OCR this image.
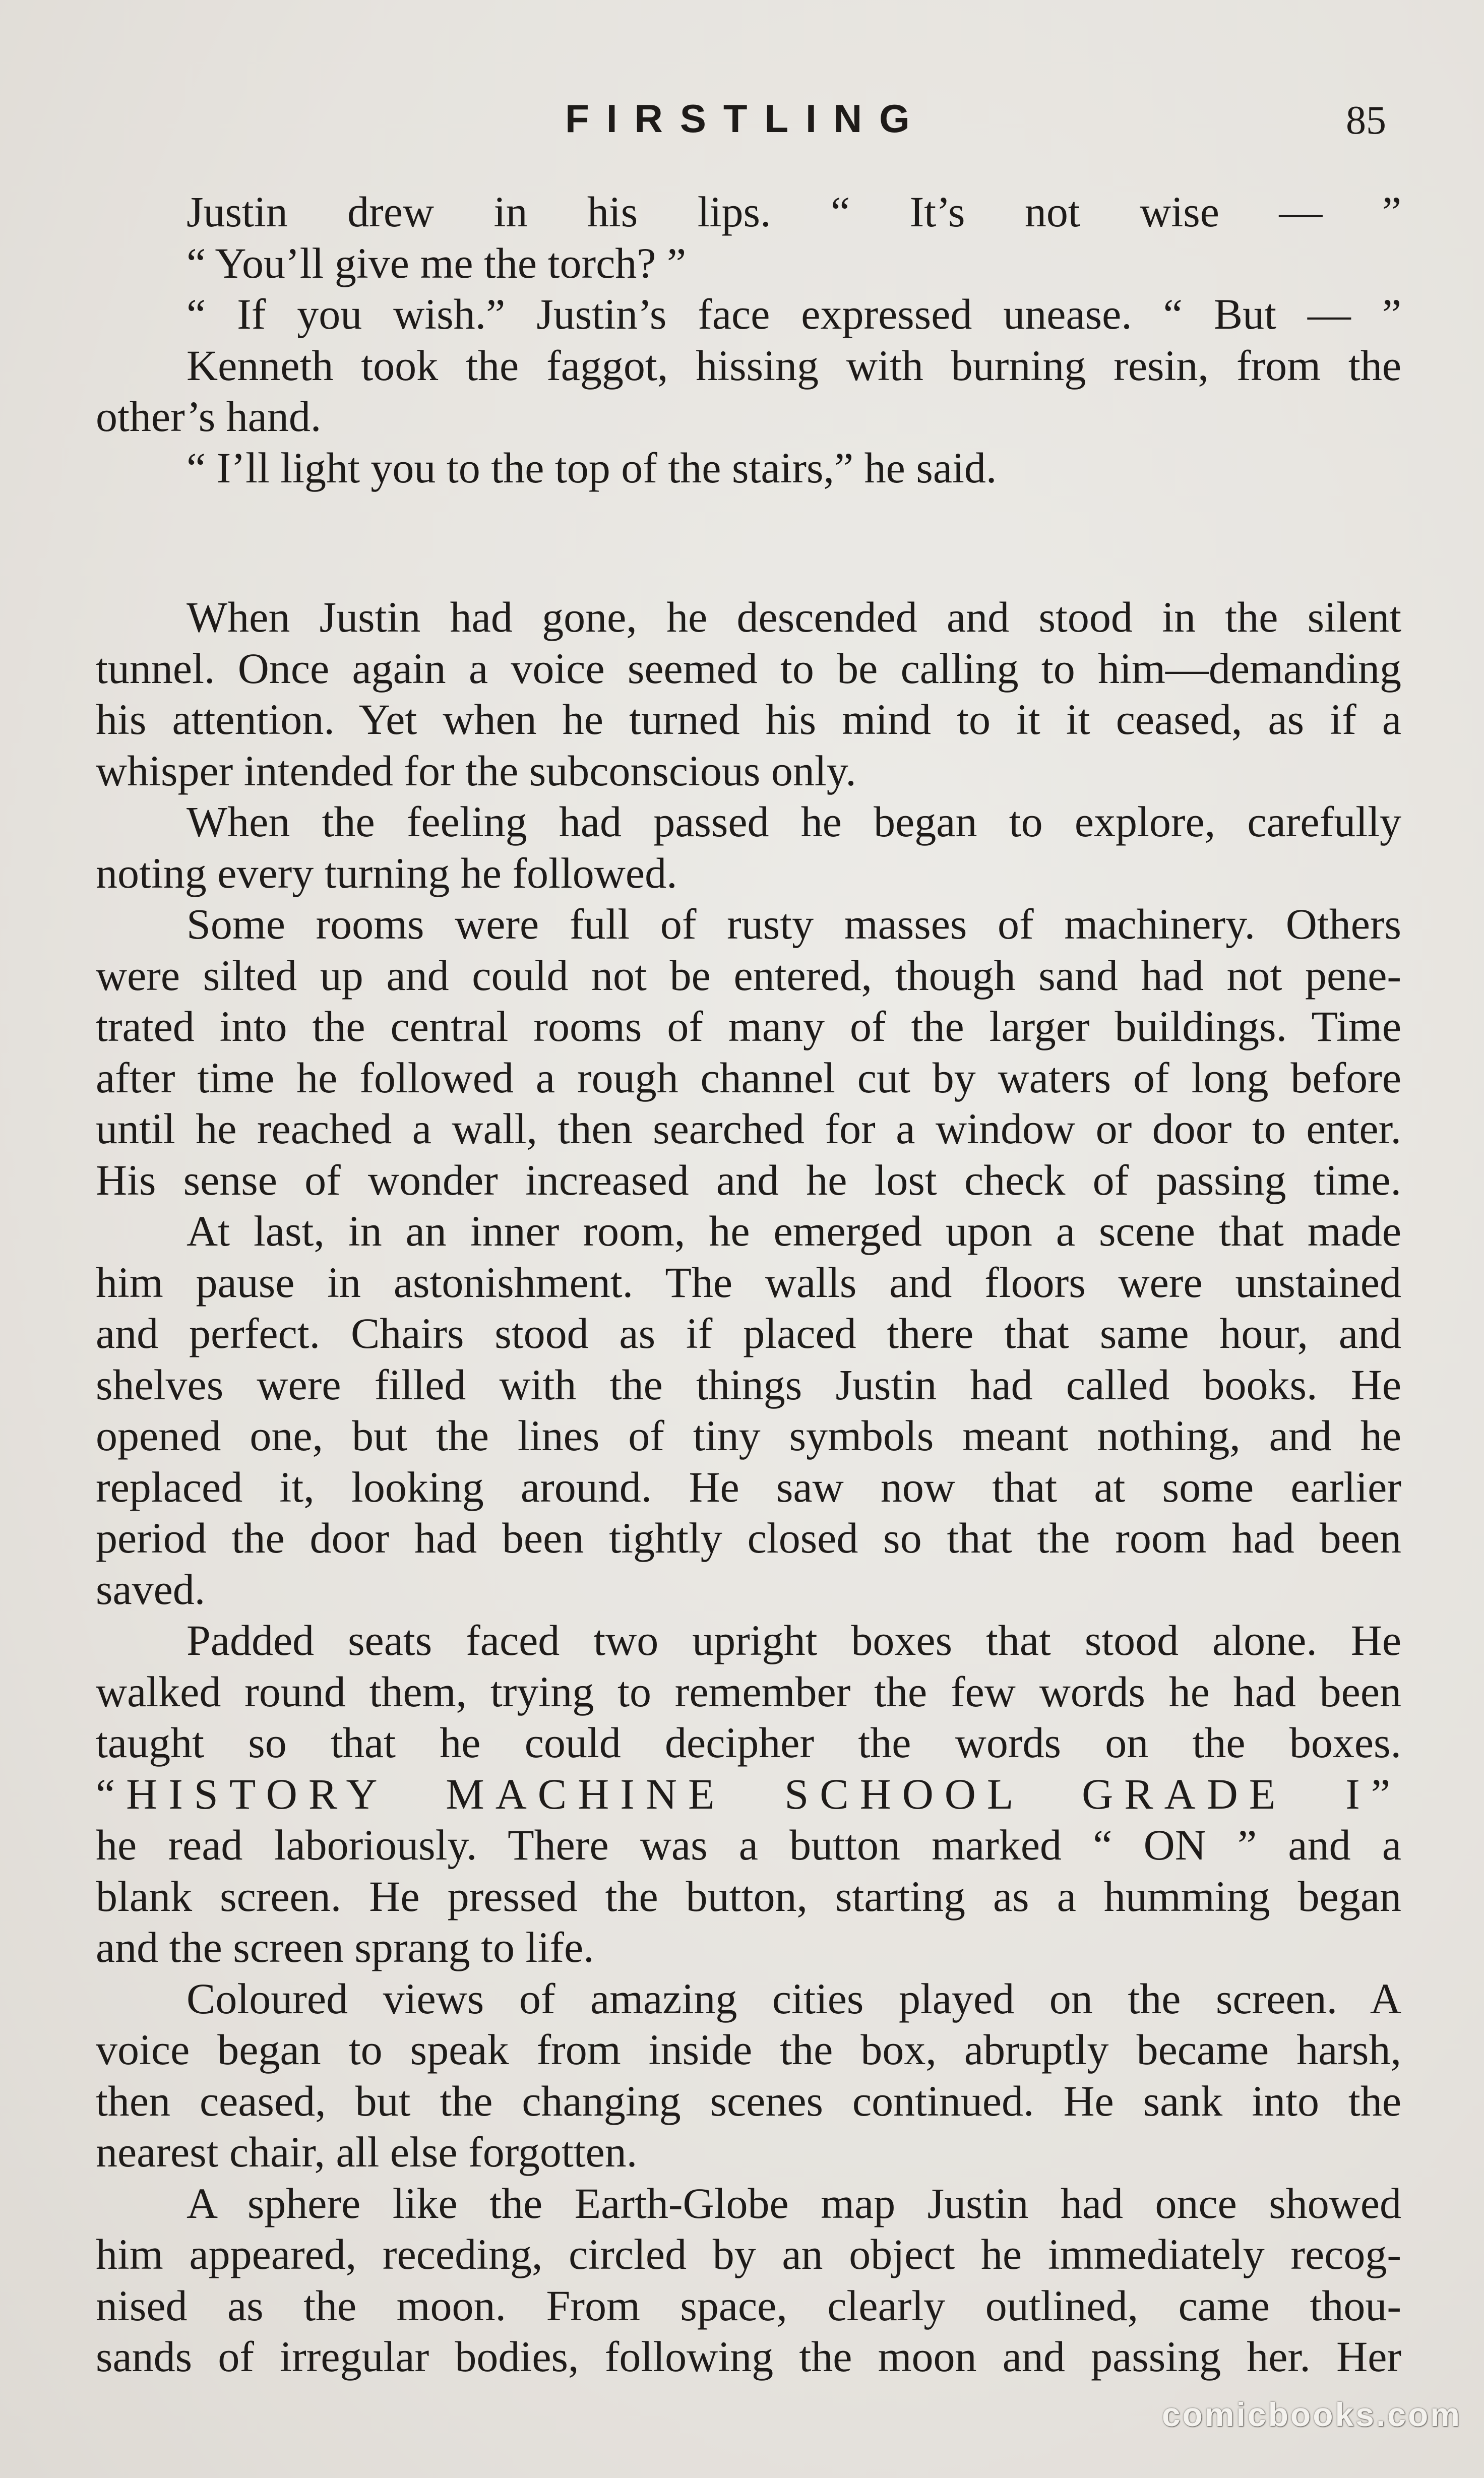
FIRSTLING	85
Justin drew in his lips. “ It’s not wise — ”
“ You’ll give me the torch? ”
“ If you wish.” Justin’s face expressed unease. “ But — ”
Kenneth took the faggot, hissing with burning resin, from the
other’s hand.
“ I’ll light you to the top of the stairs,” he said.
When Justin had gone, he descended and stood in the silent
tunnel. Once again a voice seemed to be calling to him—demanding
his attention. Yet when he turned his mind to it it ceased, as if a
whisper intended for the subconscious only.
When the feeling had passed he began to explore, carefully
noting every turning he followed.
Some rooms were full of rusty masses of machinery. Others
were silted up and could not be entered, though sand had not pene-
trated into the central rooms of many of the larger buildings. Time
after time he followed a rough channel cut by waters of long before
until he reached a wall, then searched for a window or door to enter.
His sense of wonder increased and he lost check of passing time.
At last, in an inner room, he emerged upon a scene that made
him pause in astonishment. The walls and floors were unstained
and perfect. Chairs stood as if placed there that same hour, and
shelves were filled with the things Justin had called books. He
opened one, but the lines of tiny symbols meant nothing, and he
replaced it, looking around. He saw now that at some earlier
period the door had been tightly closed so that the room had been
saved.
Padded seats faced two upright boxes that stood alone. He
walked round them, trying to remember the few words he had been
taught so that he could decipher the words on the boxes.
“HISTORY MACHINE SCHOOL GRADE I”
he read laboriously. There was a button marked “ ON ” and a
blank screen. He pressed the button, starting as a humming began
and the screen sprang to life.
Coloured views of amazing cities played on the screen. A
voice began to speak from inside the box, abruptly became harsh,
then ceased, but the changing scenes continued. He sank into the
nearest chair, all else forgotten.
A sphere like the Earth-Globe map Justin had once showed
him appeared, receding, circled by an object he immediately recog-
nised as the moon. From space, clearly outlined, came thou-
sands of irregular bodies, following the moon and passing her. Her
comicbooks.com
